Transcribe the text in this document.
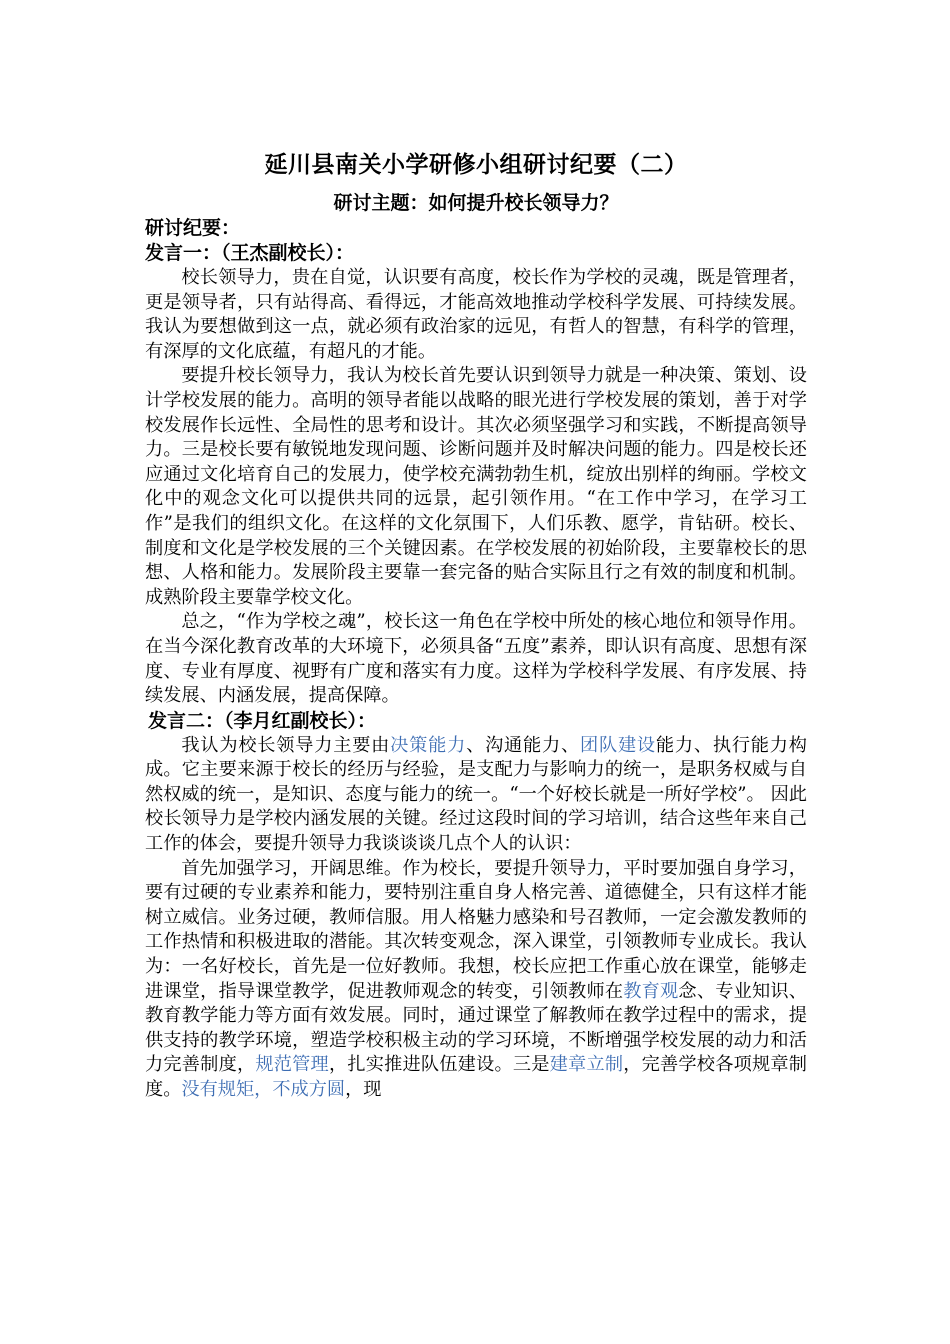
延川县南关小学研修小组研讨纪要（二）

研讨主题：如何提升校长领导力？

研讨纪要：

发言一：（王杰副校长）：

校长领导力，贵在自觉，认识要有高度，校长作为学校的灵魂，既是管理者，更是领导者，只有站得高、看得远，才能高效地推动学校科学发展、可持续发展。我认为要想做到这一点，就必须有政治家的远见，有哲人的智慧，有科学的管理，有深厚的文化底蕴，有超凡的才能。

要提升校长领导力，我认为校长首先要认识到领导力就是一种决策、策划、设计学校发展的能力。高明的领导者能以战略的眼光进行学校发展的策划，善于对学校发展作长远性、全局性的思考和设计。其次必须坚强学习和实践，不断提高领导力。三是校长要有敏锐地发现问题、诊断问题并及时解决问题的能力。四是校长还应通过文化培育自己的发展力，使学校充满勃勃生机，绽放出别样的绚丽。学校文化中的观念文化可以提供共同的远景，起引领作用。“在工作中学习，在学习工作”是我们的组织文化。在这样的文化氛围下，人们乐教、愿学，肯钻研。校长、制度和文化是学校发展的三个关键因素。在学校发展的初始阶段，主要靠校长的思想、人格和能力。发展阶段主要靠一套完备的贴合实际且行之有效的制度和机制。成熟阶段主要靠学校文化。

总之，“作为学校之魂”，校长这一角色在学校中所处的核心地位和领导作用。在当今深化教育改革的大环境下，必须具备“五度”素养，即认识有高度、思想有深度、专业有厚度、视野有广度和落实有力度。这样为学校科学发展、有序发展、持续发展、内涵发展，提高保障。

发言二：（李月红副校长）：

我认为校长领导力主要由决策能力、沟通能力、团队建设能力、执行能力构成。它主要来源于校长的经历与经验，是支配力与影响力的统一，是职务权威与自然权威的统一，是知识、态度与能力的统一。“一个好校长就是一所好学校”。 因此校长领导力是学校内涵发展的关键。经过这段时间的学习培训，结合这些年来自己工作的体会，要提升领导力我谈谈谈几点个人的认识：

首先加强学习，开阔思维。作为校长，要提升领导力，平时要加强自身学习，要有过硬的专业素养和能力，要特别注重自身人格完善、道德健全，只有这样才能树立威信。业务过硬，教师信服。用人格魅力感染和号召教师，一定会激发教师的工作热情和积极进取的潜能。其次转变观念，深入课堂，引领教师专业成长。我认为：一名好校长，首先是一位好教师。我想，校长应把工作重心放在课堂，能够走进课堂，指导课堂教学，促进教师观念的转变，引领教师在教育观念、专业知识、教育教学能力等方面有效发展。同时，通过课堂了解教师在教学过程中的需求，提供支持的教学环境，塑造学校积极主动的学习环境，不断增强学校发展的动力和活力完善制度，规范管理，扎实推进队伍建设。三是建章立制，完善学校各项规章制度。没有规矩，不成方圆，现
